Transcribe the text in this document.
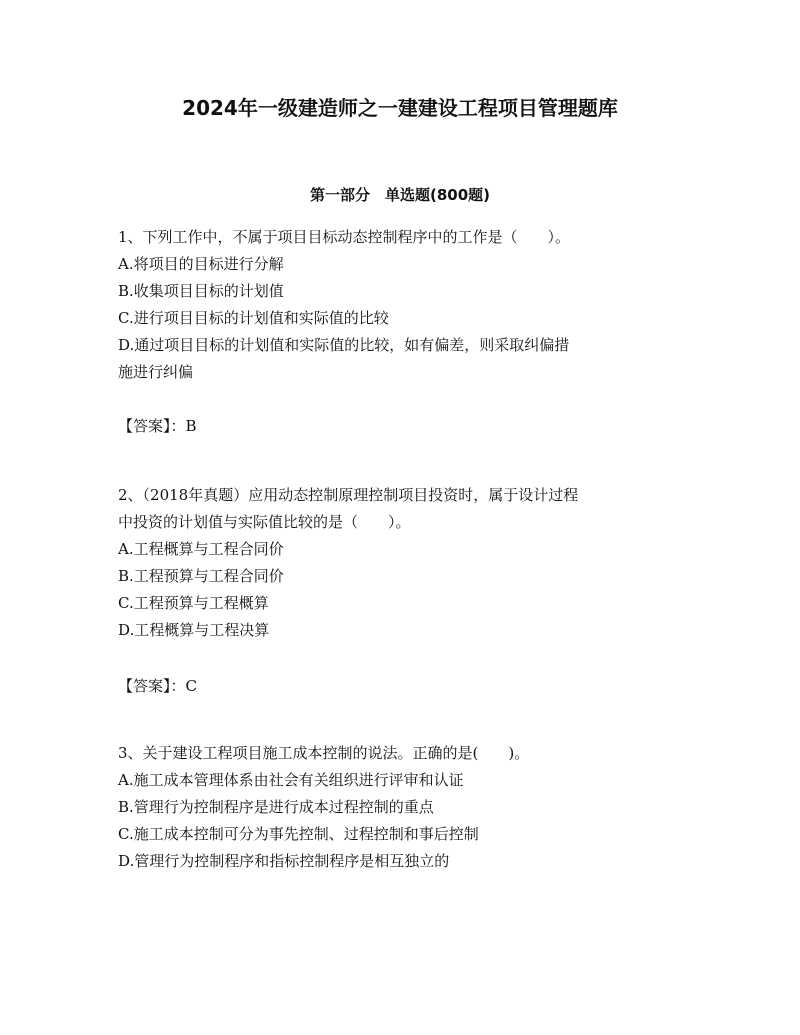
2024年一级建造师之一建建设工程项目管理题库
第一部分　单选题(800题)

1、下列工作中，不属于项目目标动态控制程序中的工作是（　　）。

A.将项目的目标进行分解

B.收集项目目标的计划值

C.进行项目目标的计划值和实际值的比较

D.通过项目目标的计划值和实际值的比较，如有偏差，则采取纠偏措

施进行纠偏

【答案】：B

2、（2018年真题）应用动态控制原理控制项目投资时，属于设计过程

中投资的计划值与实际值比较的是（　　）。

A.工程概算与工程合同价

B.工程预算与工程合同价

C.工程预算与工程概算

D.工程概算与工程决算

【答案】：C

3、关于建设工程项目施工成本控制的说法。正确的是(　　)。

A.施工成本管理体系由社会有关组织进行评审和认证

B.管理行为控制程序是进行成本过程控制的重点

C.施工成本控制可分为事先控制、过程控制和事后控制

D.管理行为控制程序和指标控制程序是相互独立的
